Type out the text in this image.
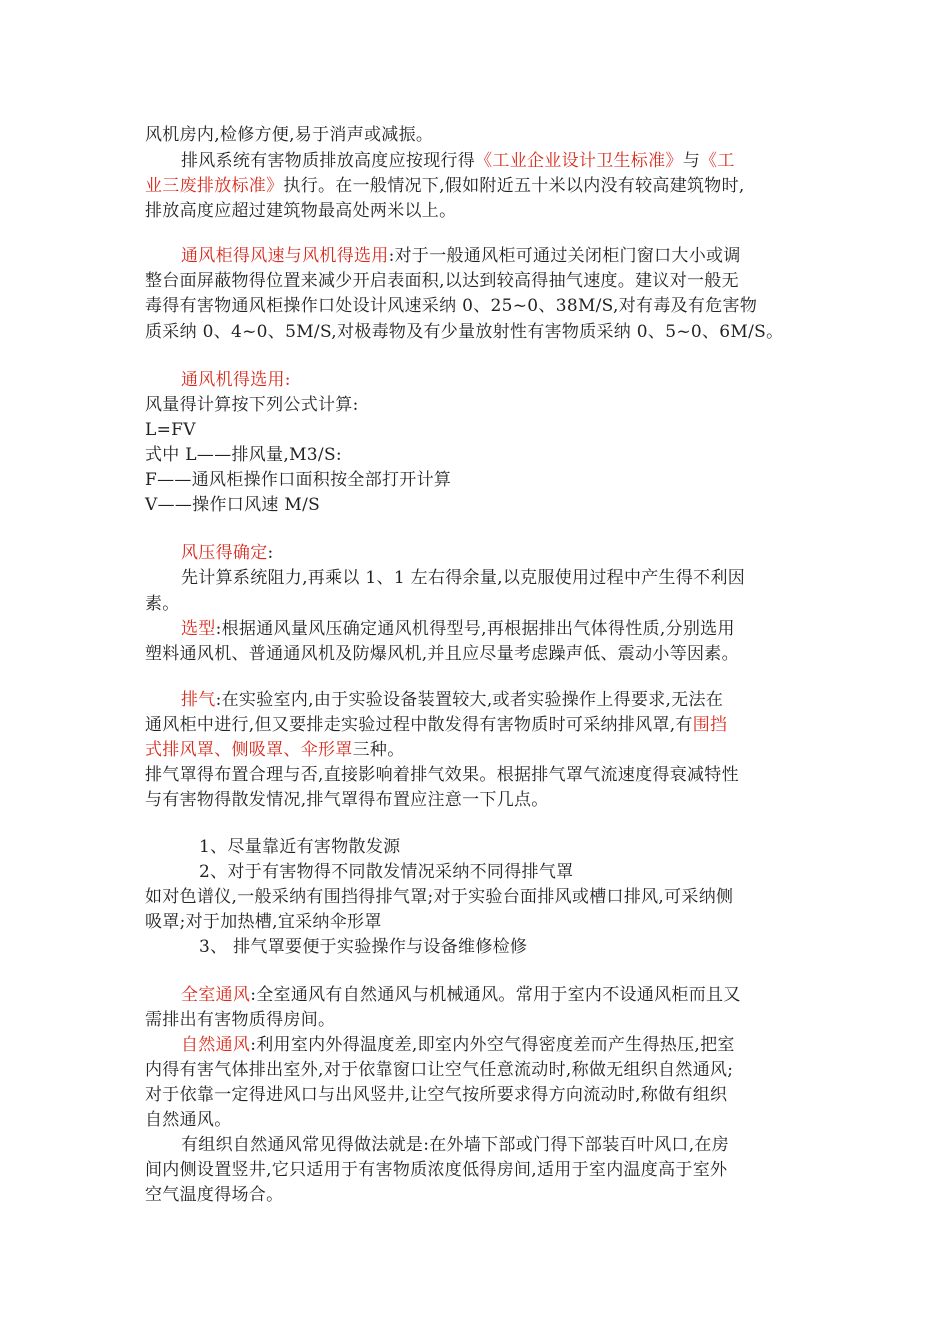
风机房内,检修方便,易于消声或减振。
排风系统有害物质排放高度应按现行得《工业企业设计卫生标准》与《工
业三废排放标准》执行。在一般情况下,假如附近五十米以内没有较高建筑物时,
排放高度应超过建筑物最高处两米以上。
通风柜得风速与风机得选用:对于一般通风柜可通过关闭柜门窗口大小或调
整台面屏蔽物得位置来减少开启表面积,以达到较高得抽气速度。建议对一般无
毒得有害物通风柜操作口处设计风速采纳 0、25~0、38M/S,对有毒及有危害物
质采纳 0、4~0、5M/S,对极毒物及有少量放射性有害物质采纳 0、5~0、6M/S。
通风机得选用:
风量得计算按下列公式计算:
L=FV
式中 L——排风量,M3/S:
F——通风柜操作口面积按全部打开计算
V——操作口风速 M/S
风压得确定:
先计算系统阻力,再乘以 1、1 左右得余量,以克服使用过程中产生得不利因
素。
选型:根据通风量风压确定通风机得型号,再根据排出气体得性质,分别选用
塑料通风机、普通通风机及防爆风机,并且应尽量考虑躁声低、震动小等因素。
排气:在实验室内,由于实验设备装置较大,或者实验操作上得要求,无法在
通风柜中进行,但又要排走实验过程中散发得有害物质时可采纳排风罩,有围挡
式排风罩、侧吸罩、伞形罩三种。
排气罩得布置合理与否,直接影响着排气效果。根据排气罩气流速度得衰减特性
与有害物得散发情况,排气罩得布置应注意一下几点。
1、尽量靠近有害物散发源
2、对于有害物得不同散发情况采纳不同得排气罩
如对色谱仪,一般采纳有围挡得排气罩;对于实验台面排风或槽口排风,可采纳侧
吸罩;对于加热槽,宜采纳伞形罩
3、 排气罩要便于实验操作与设备维修检修
全室通风:全室通风有自然通风与机械通风。常用于室内不设通风柜而且又
需排出有害物质得房间。
自然通风:利用室内外得温度差,即室内外空气得密度差而产生得热压,把室
内得有害气体排出室外,对于依靠窗口让空气任意流动时,称做无组织自然通风;
对于依靠一定得进风口与出风竖井,让空气按所要求得方向流动时,称做有组织
自然通风。
有组织自然通风常见得做法就是:在外墙下部或门得下部装百叶风口,在房
间内侧设置竖井,它只适用于有害物质浓度低得房间,适用于室内温度高于室外
空气温度得场合。
